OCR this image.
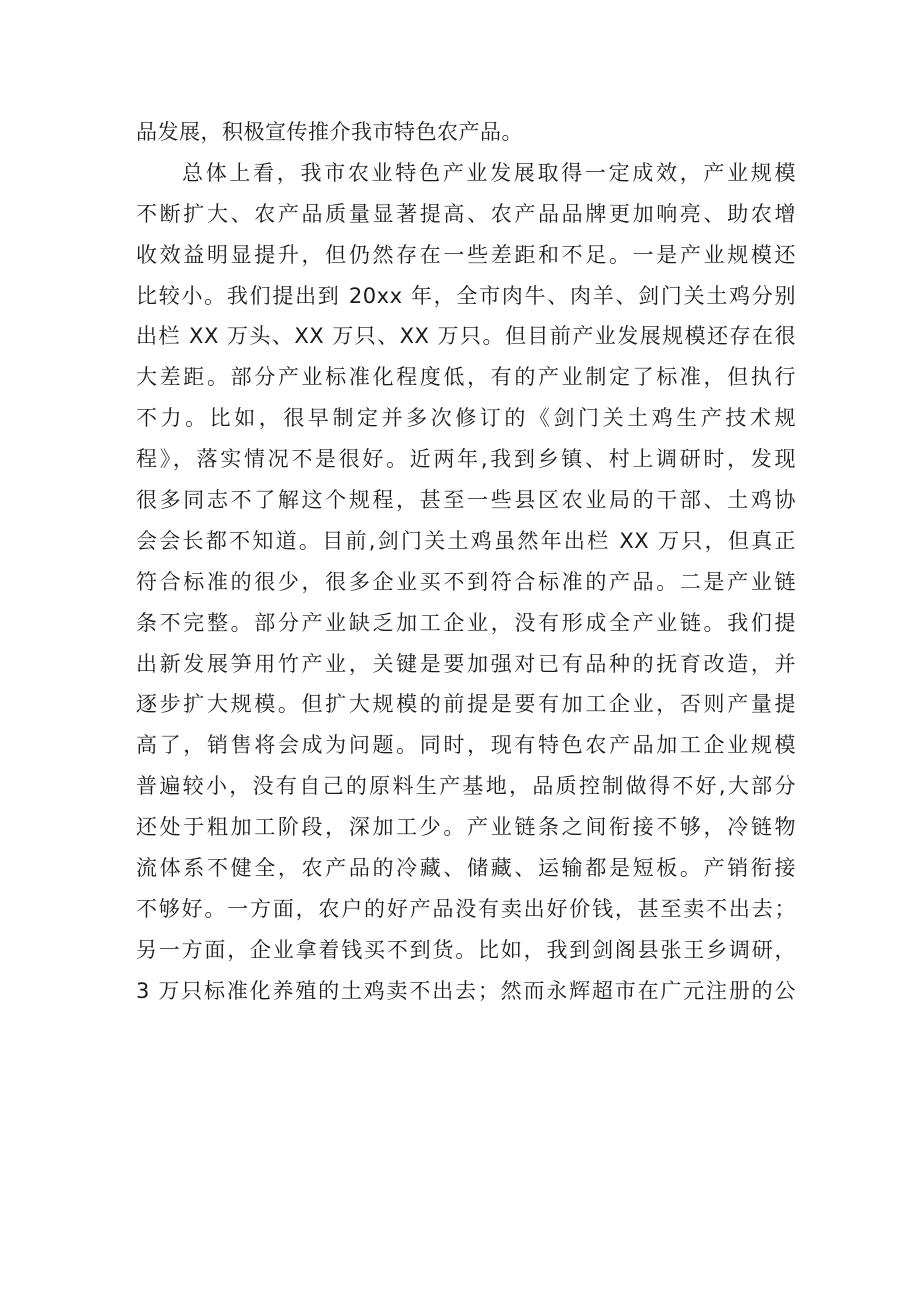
品发展，积极宣传推介我市特色农产品。
总体上看，我市农业特色产业发展取得一定成效，产业规模
不断扩大、农产品质量显著提高、农产品品牌更加响亮、助农增
收效益明显提升，但仍然存在一些差距和不足。一是产业规模还
比较小。我们提出到 20xx 年，全市肉牛、肉羊、剑门关土鸡分别
出栏 XX 万头、XX 万只、XX 万只。但目前产业发展规模还存在很
大差距。部分产业标准化程度低，有的产业制定了标准，但执行
不力。比如，很早制定并多次修订的《剑门关土鸡生产技术规
程》，落实情况不是很好。近两年,我到乡镇、村上调研时，发现
很多同志不了解这个规程，甚至一些县区农业局的干部、土鸡协
会会长都不知道。目前,剑门关土鸡虽然年出栏 XX 万只，但真正
符合标准的很少，很多企业买不到符合标准的产品。二是产业链
条不完整。部分产业缺乏加工企业，没有形成全产业链。我们提
出新发展笋用竹产业，关键是要加强对已有品种的抚育改造，并
逐步扩大规模。但扩大规模的前提是要有加工企业，否则产量提
高了，销售将会成为问题。同时，现有特色农产品加工企业规模
普遍较小，没有自己的原料生产基地，品质控制做得不好,大部分
还处于粗加工阶段，深加工少。产业链条之间衔接不够，冷链物
流体系不健全，农产品的冷藏、储藏、运输都是短板。产销衔接
不够好。一方面，农户的好产品没有卖出好价钱，甚至卖不出去；
另一方面，企业拿着钱买不到货。比如，我到剑阁县张王乡调研，
3 万只标准化养殖的土鸡卖不出去；然而永辉超市在广元注册的公
